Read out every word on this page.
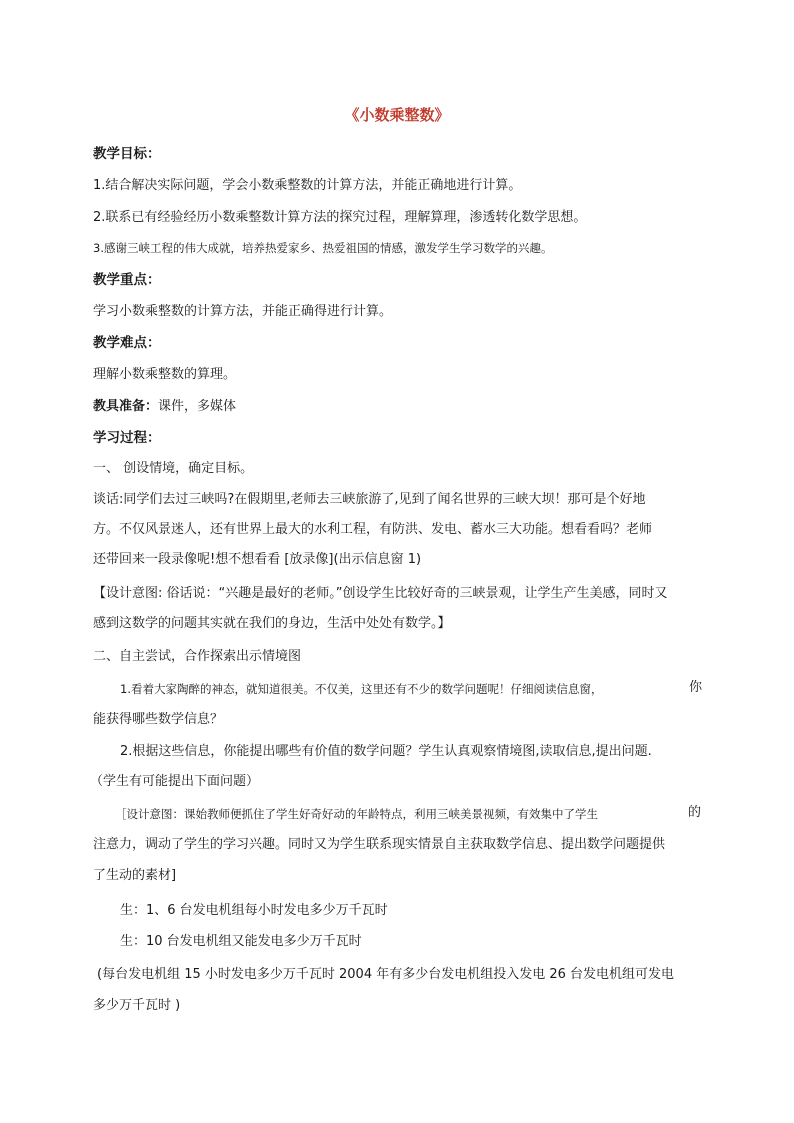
《小数乘整数》
教学目标：
1.结合解决实际问题，学会小数乘整数的计算方法，并能正确地进行计算。
2.联系已有经验经历小数乘整数计算方法的探究过程，理解算理，渗透转化数学思想。
3.感谢三峡工程的伟大成就，培养热爱家乡、热爱祖国的情感，激发学生学习数学的兴趣。
教学重点：
学习小数乘整数的计算方法，并能正确得进行计算。
教学难点：
理解小数乘整数的算理。
教具准备：课件，多媒体
学习过程：
一、 创设情境，确定目标。
谈话:同学们去过三峡吗?在假期里,老师去三峡旅游了,见到了闻名世界的三峡大坝！那可是个好地
方。不仅风景迷人，还有世界上最大的水利工程，有防洪、发电、蓄水三大功能。想看看吗？老师
还带回来一段录像呢!想不想看看 [放录像](出示信息窗 1)
【设计意图: 俗话说：“兴趣是最好的老师。”创设学生比较好奇的三峡景观，让学生产生美感，同时又
感到这数学的问题其实就在我们的身边，生活中处处有数学。】
二、自主尝试，合作探索出示情境图
1.看着大家陶醉的神态，就知道很美。不仅美，这里还有不少的数学问题呢！仔细阅读信息窗，	你
能获得哪些数学信息？
2.根据这些信息，你能提出哪些有价值的数学问题？学生认真观察情境图,读取信息,提出问题.
（学生有可能提出下面问题）
［设计意图：课始教师便抓住了学生好奇好动的年龄特点，利用三峡美景视频，有效集中了学生	的
注意力，调动了学生的学习兴趣。同时又为学生联系现实情景自主获取数学信息、提出数学问题提供
了生动的素材]
生：1、6 台发电机组每小时发电多少万千瓦时
生：10 台发电机组又能发电多少万千瓦时
(每台发电机组 15 小时发电多少万千瓦时 2004 年有多少台发电机组投入发电 26 台发电机组可发电
多少万千瓦时 )
